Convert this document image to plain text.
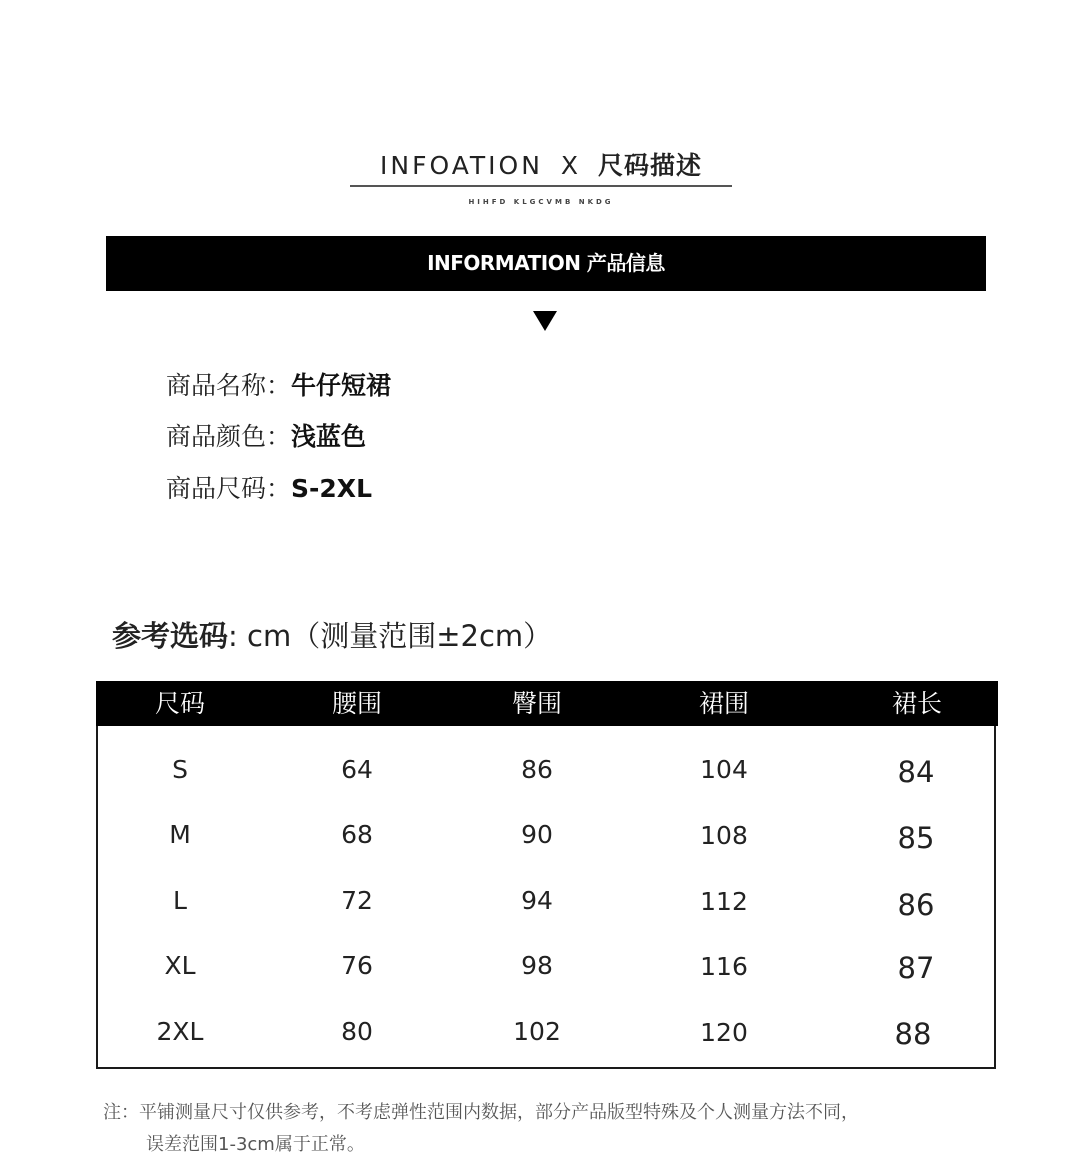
INFOATION X 尺码描述
HIHFD KLGCVMB NKDG
INFORMATION 产品信息
商品名称：牛仔短裙
商品颜色：浅蓝色
商品尺码：S-2XL
参考选码: cm（测量范围±2cm）
尺码	腰围	臀围	裙围	裙长
S	64	86	104	84
M	68	90	108	85
L	72	94	112	86
XL	76	98	116	87
2XL	80	102	120	88
注：平铺测量尺寸仅供参考，不考虑弹性范围内数据，部分产品版型特殊及个人测量方法不同，
误差范围1-3cm属于正常。
